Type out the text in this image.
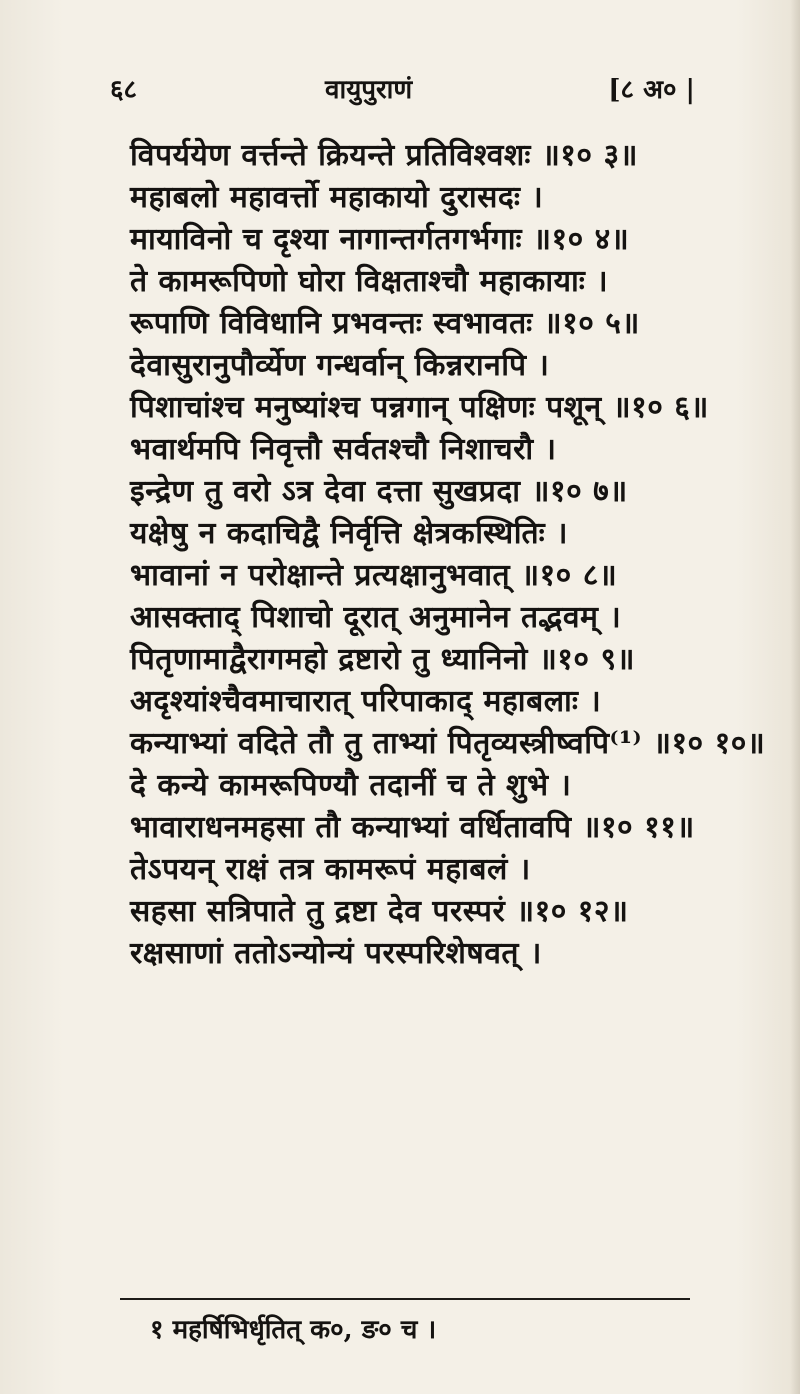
६८	वायुपुराणं	[८ अ० |
विपर्ययेण वर्त्तन्ते क्रियन्ते प्रतिविश्वशः ॥१० ३॥
महाबलो महावर्त्तो महाकायो दुरासदः ।
मायाविनो च दृश्या नागान्तर्गतगर्भगाः ॥१० ४॥
ते कामरूपिणो घोरा विक्षताश्चौ महाकायाः ।
रूपाणि विविधानि प्रभवन्तः स्वभावतः ॥१० ५॥
देवासुरानुपौर्व्येण गन्धर्वान् किन्नरानपि ।
पिशाचांश्च मनुष्यांश्च पन्नगान् पक्षिणः पशून् ॥१० ६॥
भवार्थमपि निवृत्तौ सर्वतश्चौ निशाचरौ ।
इन्द्रेण तु वरो ऽत्र देवा दत्ता सुखप्रदा ॥१० ७॥
यक्षेषु न कदाचिद्वै निर्वृत्ति क्षेत्रकस्थितिः ।
भावानां न परोक्षान्ते प्रत्यक्षानुभवात् ॥१० ८॥
आसक्ताद् पिशाचो दूरात् अनुमानेन तद्भवम् ।
पितृणामाद्वैरागमहो द्रष्टारो तु ध्यानिनो ॥१० ९॥
अदृश्यांश्चैवमाचारात् परिपाकाद् महाबलाः ।
कन्याभ्यां वदिते तौ तु ताभ्यां पितृव्यस्त्रीष्वपि⁽¹⁾ ॥१० १०॥
दे कन्ये कामरूपिण्यौ तदानीं च ते शुभे ।
भावाराधनमहसा तौ कन्याभ्यां वर्धितावपि ॥१० ११॥
तेऽपयन् राक्षं तत्र कामरूपं महाबलं ।
सहसा सत्रिपाते तु द्रष्टा देव परस्परं ॥१० १२॥
रक्षसाणां ततोऽन्योन्यं परस्परिशेषवत् ।
१ महर्षिभिर्धृतित् क०, ङ० च ।
